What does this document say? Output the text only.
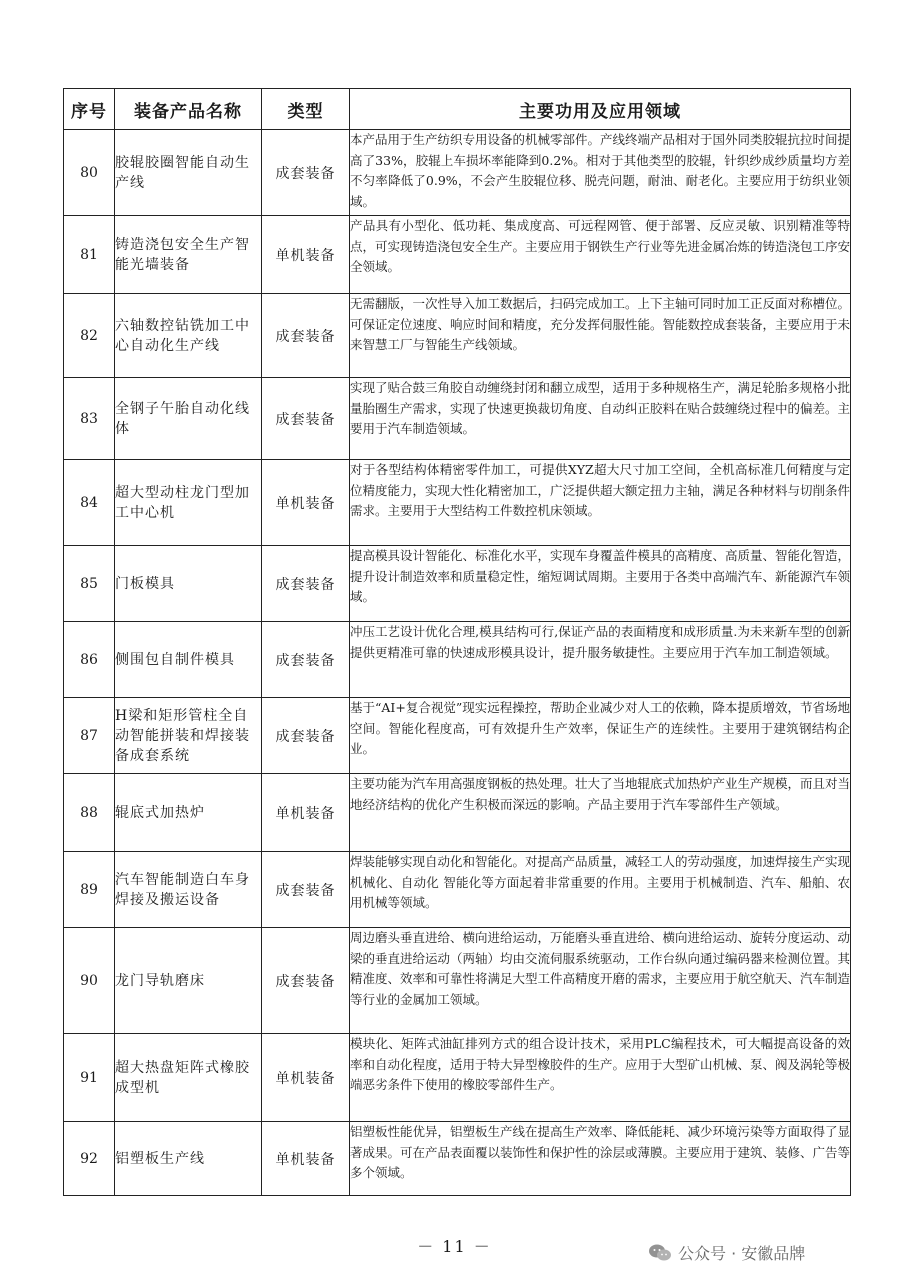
序号	装备产品名称	类型	主要功用及应用领域
80	胶辊胶圈智能自动生产线	成套装备	本产品用于生产纺织专用设备的机械零部件。产线终端产品相对于国外同类胶辊抗拉时间提高了33%，胶辊上车损坏率能降到0.2%。相对于其他类型的胶辊，针织纱成纱质量均方差不匀率降低了0.9%，不会产生胶辊位移、脱壳问题，耐油、耐老化。主要应用于纺织业领域。
81	铸造浇包安全生产智能光墙装备	单机装备	产品具有小型化、低功耗、集成度高、可远程网管、便于部署、反应灵敏、识别精准等特点，可实现铸造浇包安全生产。主要应用于钢铁生产行业等先进金属冶炼的铸造浇包工序安全领域。
82	六轴数控钻铣加工中心自动化生产线	成套装备	无需翻版，一次性导入加工数据后，扫码完成加工。上下主轴可同时加工正反面对称槽位。可保证定位速度、响应时间和精度，充分发挥伺服性能。智能数控成套装备，主要应用于未来智慧工厂与智能生产线领域。
83	全钢子午胎自动化线体	成套装备	实现了贴合鼓三角胶自动缠绕封闭和翻立成型，适用于多种规格生产，满足轮胎多规格小批量胎圈生产需求，实现了快速更换裁切角度、自动纠正胶料在贴合鼓缠绕过程中的偏差。主要用于汽车制造领域。
84	超大型动柱龙门型加工中心机	单机装备	对于各型结构体精密零件加工，可提供XYZ超大尺寸加工空间，全机高标准几何精度与定位精度能力，实现大性化精密加工，广泛提供超大额定扭力主轴，满足各种材料与切削条件需求。主要用于大型结构工件数控机床领域。
85	门板模具	成套装备	提高模具设计智能化、标准化水平，实现车身覆盖件模具的高精度、高质量、智能化智造，提升设计制造效率和质量稳定性，缩短调试周期。主要用于各类中高端汽车、新能源汽车领域。
86	侧围包自制件模具	成套装备	冲压工艺设计优化合理,模具结构可行,保证产品的表面精度和成形质量.为未来新车型的创新提供更精准可靠的快速成形模具设计，提升服务敏捷性。主要应用于汽车加工制造领域。
87	H梁和矩形管柱全自动智能拼装和焊接装备成套系统	成套装备	基于“AI+复合视觉”现实远程操控，帮助企业减少对人工的依赖，降本提质增效，节省场地空间。智能化程度高，可有效提升生产效率，保证生产的连续性。主要用于建筑钢结构企业。
88	辊底式加热炉	单机装备	主要功能为汽车用高强度钢板的热处理。壮大了当地辊底式加热炉产业生产规模，而且对当地经济结构的优化产生积极而深远的影响。产品主要用于汽车零部件生产领域。
89	汽车智能制造白车身焊接及搬运设备	成套装备	焊装能够实现自动化和智能化。对提高产品质量，减轻工人的劳动强度，加速焊接生产实现机械化、自动化 智能化等方面起着非常重要的作用。主要用于机械制造、汽车、船舶、农用机械等领域。
90	龙门导轨磨床	成套装备	周边磨头垂直进给、横向进给运动，万能磨头垂直进给、横向进给运动、旋转分度运动、动梁的垂直进给运动（两轴）均由交流伺服系统驱动，工作台纵向通过编码器来检测位置。其精准度、效率和可靠性将满足大型工件高精度开磨的需求，主要应用于航空航天、汽车制造等行业的金属加工领域。
91	超大热盘矩阵式橡胶成型机	单机装备	模块化、矩阵式油缸排列方式的组合设计技术，采用PLC编程技术，可大幅提高设备的效率和自动化程度，适用于特大异型橡胶件的生产。应用于大型矿山机械、泵、阀及涡轮等极端恶劣条件下使用的橡胶零部件生产。
92	铝塑板生产线	单机装备	铝塑板性能优异，铝塑板生产线在提高生产效率、降低能耗、减少环境污染等方面取得了显著成果。可在产品表面覆以装饰性和保护性的涂层或薄膜。主要应用于建筑、装修、广告等多个领域。
－ 11 －	公众号 · 安徽品牌
